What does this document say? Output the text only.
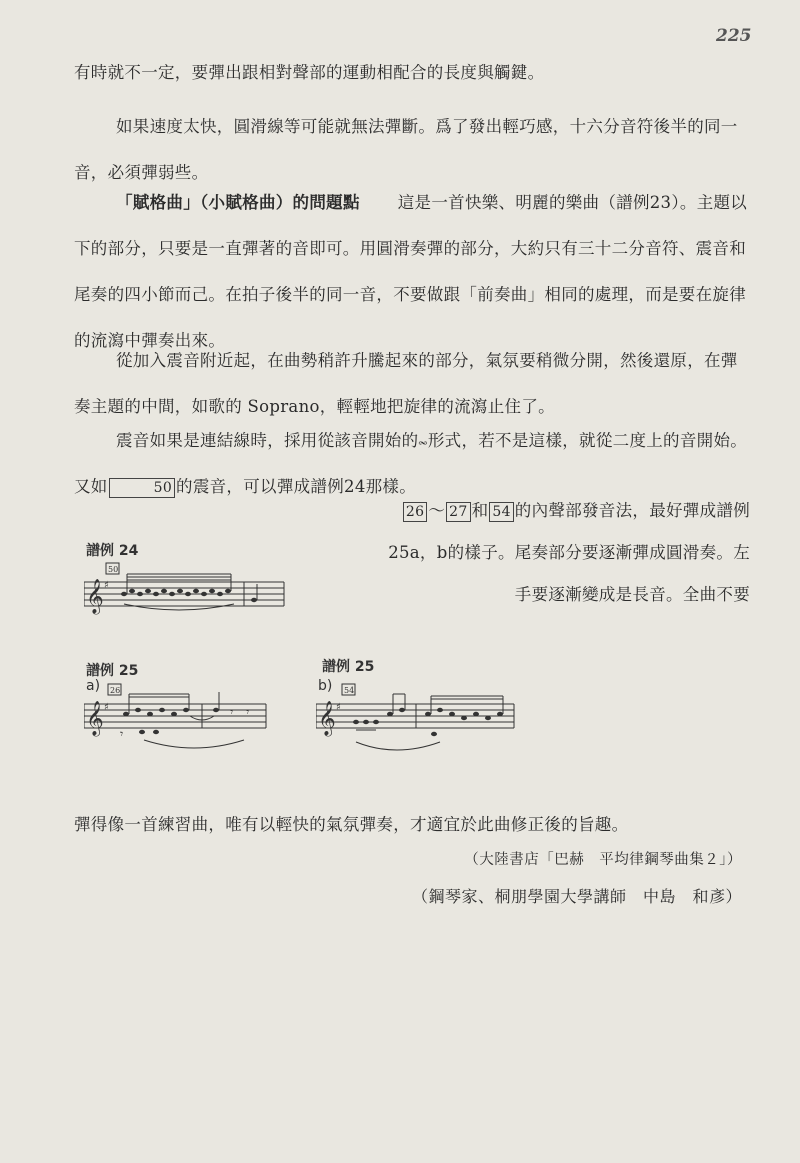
225

有時就不一定，要彈出跟相對聲部的運動相配合的長度與觸鍵。

如果速度太快，圓滑線等可能就無法彈斷。爲了發出輕巧感，十六分音符後半的同一音，必須彈弱些。

「賦格曲」（小賦格曲）的問題點 這是一首快樂、明麗的樂曲（譜例23）。主題以下的部分，只要是一直彈著的音即可。用圓滑奏彈的部分，大約只有三十二分音符、震音和尾奏的四小節而己。在拍子後半的同一音，不要做跟「前奏曲」相同的處理，而是要在旋律的流瀉中彈奏出來。

從加入震音附近起，在曲勢稍許升騰起來的部分，氣氛要稍微分開，然後還原，在彈奏主題的中間，如歌的 Soprano，輕輕地把旋律的流瀉止住了。

震音如果是連結線時，採用從該音開始的𝆗形式，若不是這樣，就從二度上的音開始。又如	50 的震音，可以彈成譜例24那樣。

26 ～ 27 和 54 的內聲部發音法，最好彈成譜例25a，b的樣子。尾奏部分要逐漸彈成圓滑奏。左手要逐漸變成是長音。全曲不要

譜例 24
𝄞 ♯
50
譜例 25
a)
𝄞 ♯
26
𝄾 𝄾
𝄾
譜例 25
b)
𝄞 ♯
54

彈得像一首練習曲，唯有以輕快的氣氛彈奏，才適宜於此曲修正後的旨趣。

（大陸書店「巴赫　平均律鋼琴曲集２」）
（鋼琴家、桐朋學園大學講師　中島　和彥）
